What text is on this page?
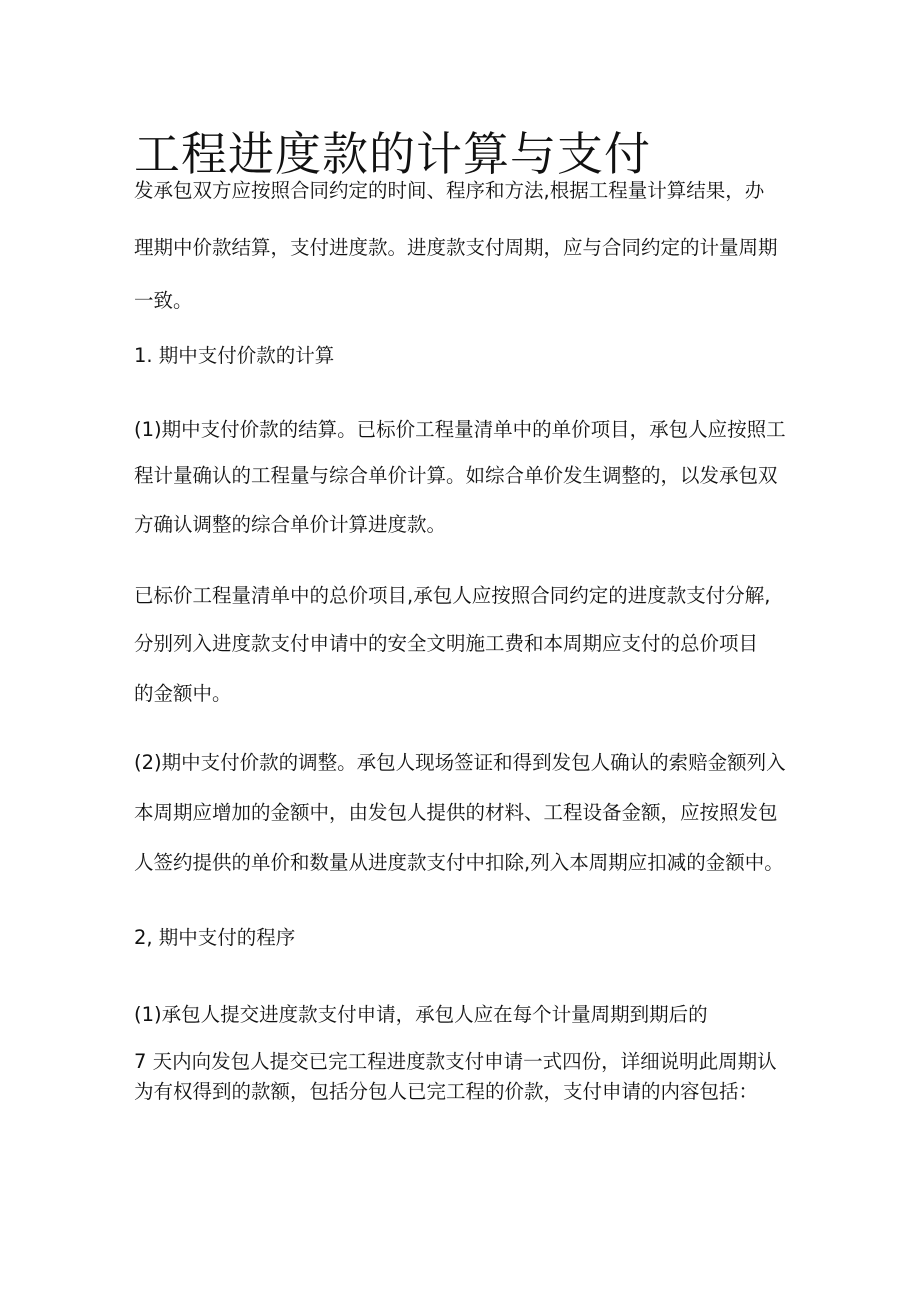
工程进度款的计算与支付

发承包双方应按照合同约定的时间、程序和方法,根据工程量计算结果，办

理期中价款结算，支付进度款。进度款支付周期，应与合同约定的计量周期

一致。

1. 期中支付价款的计算

(1)期中支付价款的结算。已标价工程量清单中的单价项目，承包人应按照工

程计量确认的工程量与综合单价计算。如综合单价发生调整的，以发承包双

方确认调整的综合单价计算进度款。

已标价工程量清单中的总价项目,承包人应按照合同约定的进度款支付分解,

分别列入进度款支付申请中的安全文明施工费和本周期应支付的总价项目

的金额中。

(2)期中支付价款的调整。承包人现场签证和得到发包人确认的索赔金额列入

本周期应增加的金额中，由发包人提供的材料、工程设备金额，应按照发包

人签约提供的单价和数量从进度款支付中扣除,列入本周期应扣减的金额中。

2, 期中支付的程序

(1)承包人提交进度款支付申请，承包人应在每个计量周期到期后的

7 天内向发包人提交已完工程进度款支付申请一式四份，详细说明此周期认

为有权得到的款额，包括分包人已完工程的价款，支付申请的内容包括：
